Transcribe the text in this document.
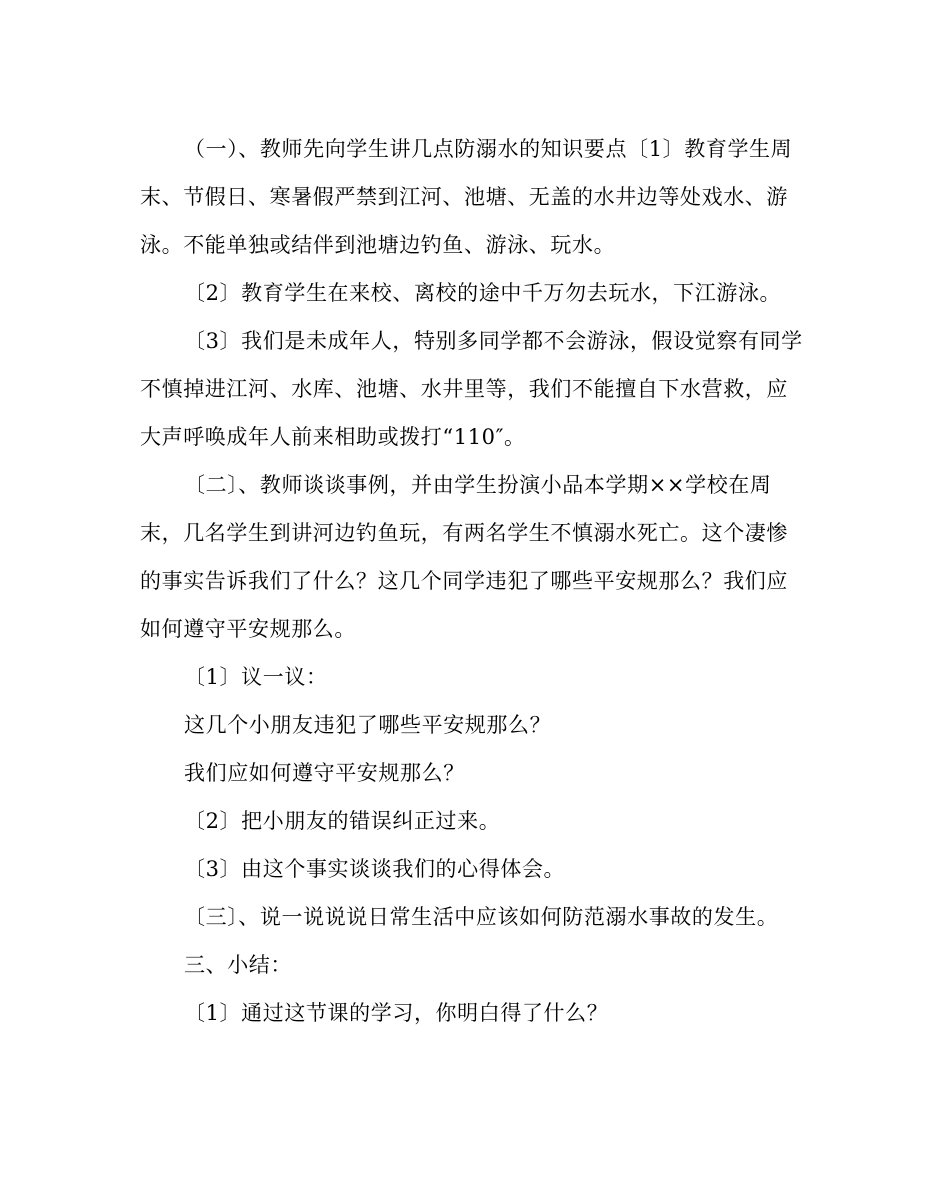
（一）、教师先向学生讲几点防溺水的知识要点〔1〕教育学生周
末、节假日、寒暑假严禁到江河、池塘、无盖的水井边等处戏水、游
泳。不能单独或结伴到池塘边钓鱼、游泳、玩水。

〔2〕教育学生在来校、离校的途中千万勿去玩水，下江游泳。

〔3〕我们是未成年人，特别多同学都不会游泳，假设觉察有同学
不慎掉进江河、水库、池塘、水井里等，我们不能擅自下水营救，应
大声呼唤成年人前来相助或拨打“110″。

〔二〕、教师谈谈事例，并由学生扮演小品本学期××学校在周
末，几名学生到讲河边钓鱼玩，有两名学生不慎溺水死亡。这个凄惨
的事实告诉我们了什么？这几个同学违犯了哪些平安规那么？我们应
如何遵守平安规那么。

〔1〕议一议：

这几个小朋友违犯了哪些平安规那么？

我们应如何遵守平安规那么？

〔2〕把小朋友的错误纠正过来。

〔3〕由这个事实谈谈我们的心得体会。

〔三〕、说一说说说日常生活中应该如何防范溺水事故的发生。

三、小结：

〔1〕通过这节课的学习，你明白得了什么？
